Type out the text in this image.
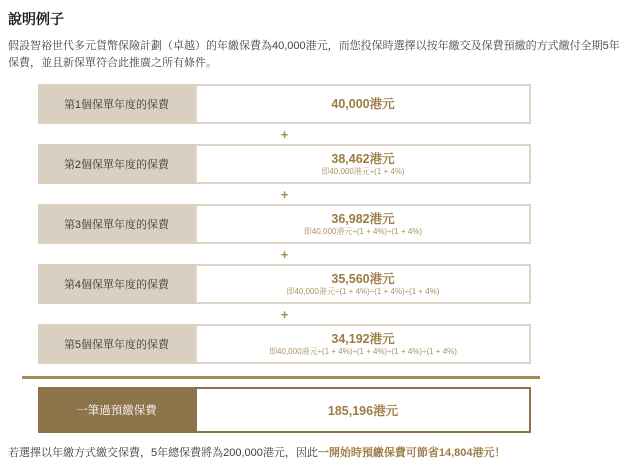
說明例子
假設智裕世代多元貨幣保險計劃（卓越）的年繳保費為40,000港元，而您投保時選擇以按年繳交及保費預繳的方式繳付全期5年保費，並且新保單符合此推廣之所有條件。
第1個保單年度的保費	40,000港元
+
第2個保單年度的保費	38,462港元
即40,000港元÷(1 + 4%)
+
第3個保單年度的保費	36,982港元
即40,000港元÷(1 + 4%)÷(1 + 4%)
+
第4個保單年度的保費	35,560港元
即40,000港元÷(1 + 4%)÷(1 + 4%)÷(1 + 4%)
+
第5個保單年度的保費	34,192港元
即40,000港元÷(1 + 4%)÷(1 + 4%)÷(1 + 4%)÷(1 + 4%)
一筆過預繳保費	185,196港元
若選擇以年繳方式繳交保費，5年總保費將為200,000港元，因此一開始時預繳保費可節省14,804港元！
